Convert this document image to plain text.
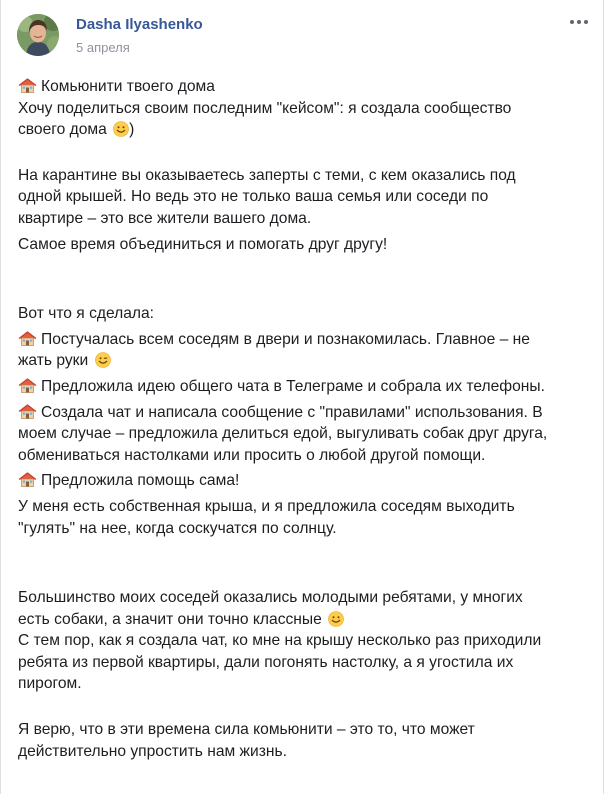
Dasha Ilyashenko
5 апреля
Комьюнити твоего дома
Хочу поделиться своим последним "кейсом": я создала сообщество
своего дома )
На карантине вы оказываетесь заперты с теми, с кем оказались под
одной крышей. Но ведь это не только ваша семья или соседи по
квартире – это все жители вашего дома.
Самое время объединиться и помогать друг другу!
Вот что я сделала:
Постучалась всем соседям в двери и познакомилась. Главное – не
жать руки
Предложила идею общего чата в Телеграме и собрала их телефоны.
Создала чат и написала сообщение с "правилами" использования. В
моем случае – предложила делиться едой, выгуливать собак друг друга,
обмениваться настолками или просить о любой другой помощи.
Предложила помощь сама!
У меня есть собственная крыша, и я предложила соседям выходить
"гулять" на нее, когда соскучатся по солнцу.
Большинство моих соседей оказались молодыми ребятами, у многих
есть собаки, а значит они точно классные
С тем пор, как я создала чат, ко мне на крышу несколько раз приходили
ребята из первой квартиры, дали погонять настолку, а я угостила их
пирогом.
Я верю, что в эти времена сила комьюнити – это то, что может
действительно упростить нам жизнь.
